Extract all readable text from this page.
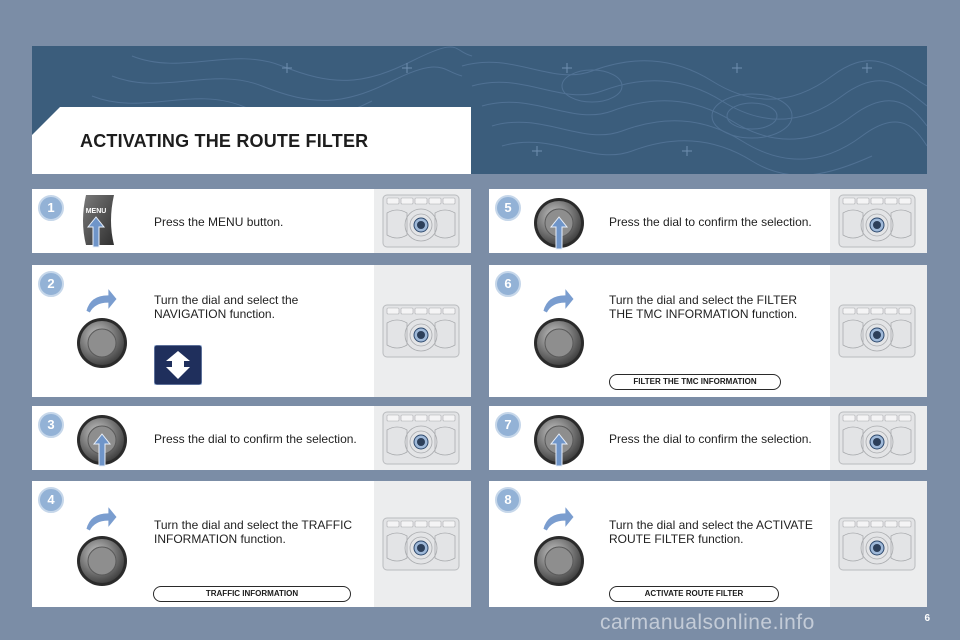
ACTIVATING THE ROUTE FILTER
1	MENU
Press the MENU button.
2
Turn the dial and select the NAVIGATION function.
3
Press the dial to confirm the selection.
4
Turn the dial and select the TRAFFIC INFORMATION function.
TRAFFIC INFORMATION
5
Press the dial to confirm the selection.
6
Turn the dial and select the FILTER THE TMC INFORMATION function.
FILTER THE TMC INFORMATION
7
Press the dial to confirm the selection.
8
Turn the dial and select the ACTIVATE ROUTE FILTER function.
ACTIVATE ROUTE FILTER
6
carmanualsonline.info
